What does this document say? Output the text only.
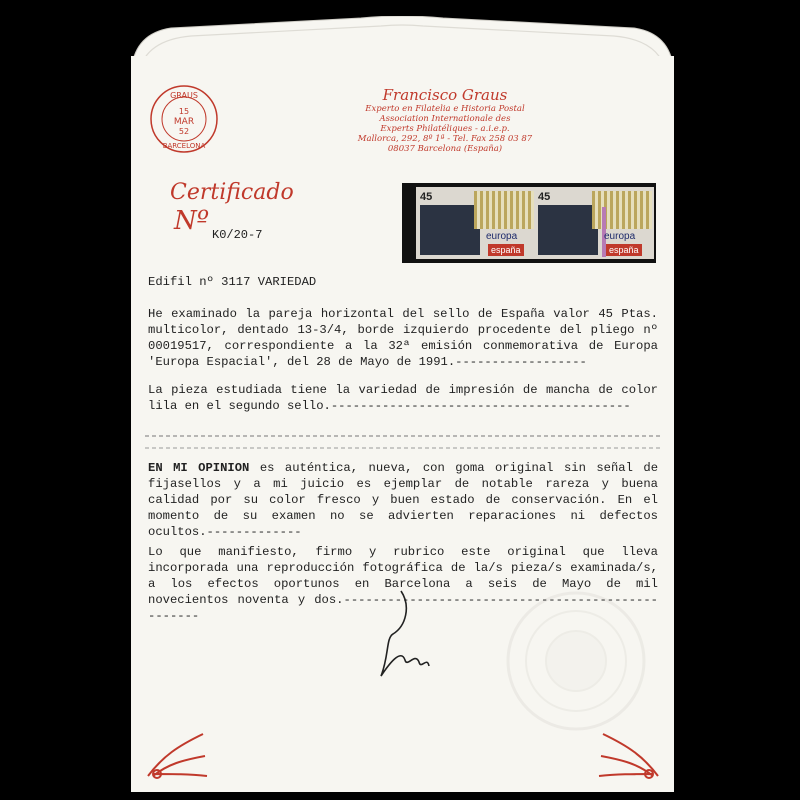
GRAUS
15
MAR
52
BARCELONA
Francisco Graus
Experto en Filatelia e Historia Postal
Association Internationale des
Experts Philatéliques - a.i.e.p.
Mallorca, 292, 8º 1ª - Tel. Fax 258 03 87
08037 Barcelona (España)
Certificado
Nº K0/20-7
45
europa
españa
45
europa
españa
Edifil nº 3117 VARIEDAD
He examinado la pareja horizontal del sello de España valor 45 Ptas. multicolor, dentado 13-3/4, borde izquierdo procedente del pliego nº 00019517, correspondiente a la 32ª emisión conmemorativa de Europa 'Europa Espacial', del 28 de Mayo de 1991.------------------
La pieza estudiada tiene la variedad de impresión de mancha de color lila en el segundo sello.-----------------------------------------
EN MI OPINION es auténtica, nueva, con goma original sin señal de fijasellos y a mi juicio es ejemplar de notable rareza y buena calidad por su color fresco y buen estado de conservación. En el momento de su examen no se advierten reparaciones ni defectos ocultos.-------------
Lo que manifiesto, firmo y rubrico este original que lleva incorporada una reproducción fotográfica de la/s pieza/s examinada/s, a los efectos oportunos en Barcelona a seis de Mayo de mil novecientos noventa y dos.--------------------------------------------------
